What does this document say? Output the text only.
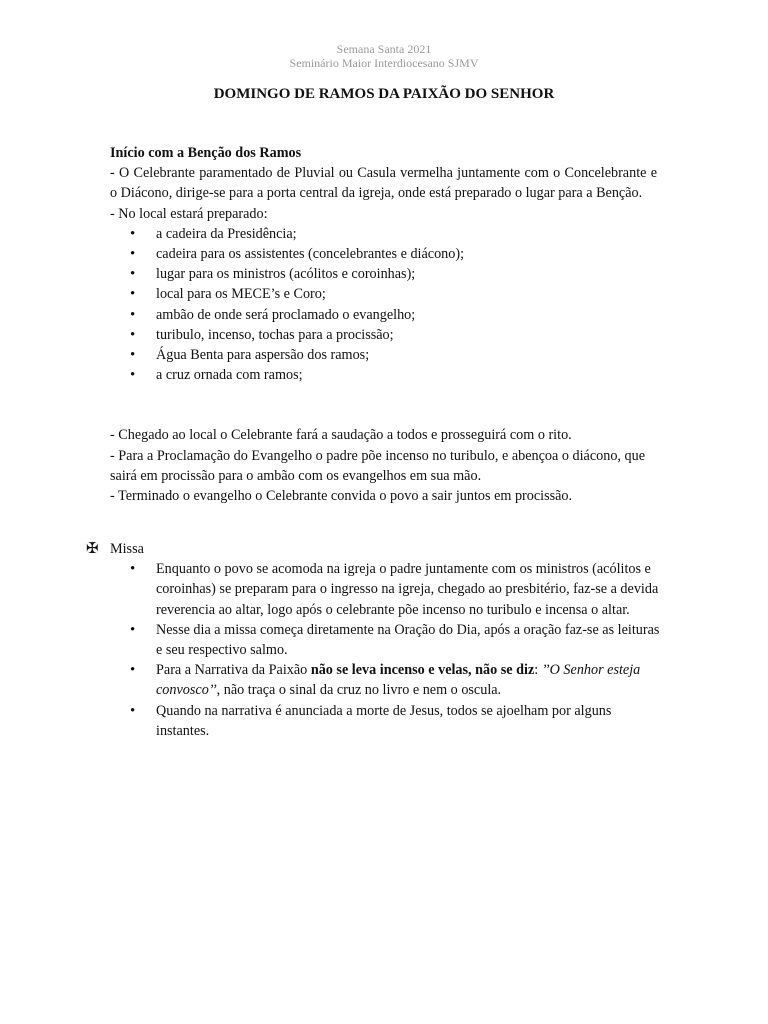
Semana Santa 2021
Seminário Maior Interdiocesano SJMV
DOMINGO DE RAMOS DA PAIXÃO DO SENHOR

Início com a Benção dos Ramos

- O Celebrante paramentado de Pluvial ou Casula vermelha juntamente com o Concelebrante e o Diácono, dirige-se para a porta central da igreja, onde está preparado o lugar para a Benção.

- No local estará preparado:

• a cadeira da Presidência;
• cadeira para os assistentes (concelebrantes e diácono);
• lugar para os ministros (acólitos e coroinhas);
• local para os MECE’s e Coro;
• ambão de onde será proclamado o evangelho;
• turibulo, incenso, tochas para a procissão;
• Água Benta para aspersão dos ramos;
• a cruz ornada com ramos;

- Chegado ao local o Celebrante fará a saudação a todos e prosseguirá com o rito.

- Para a Proclamação do Evangelho o padre põe incenso no turibulo, e abençoa o diácono, que sairá em procissão para o ambão com os evangelhos em sua mão.

- Terminado o evangelho o Celebrante convida o povo a sair juntos em procissão.

✠ Missa
• Enquanto o povo se acomoda na igreja o padre juntamente com os ministros (acólitos e coroinhas) se preparam para o ingresso na igreja, chegado ao presbitério, faz-se a devida reverencia ao altar, logo após o celebrante põe incenso no turibulo e incensa o altar.
• Nesse dia a missa começa diretamente na Oração do Dia, após a oração faz-se as leituras e seu respectivo salmo.
• Para a Narrativa da Paixão não se leva incenso e velas, não se diz: ’’O Senhor esteja convosco’’, não traça o sinal da cruz no livro e nem o oscula.
• Quando na narrativa é anunciada a morte de Jesus, todos se ajoelham por alguns instantes.
